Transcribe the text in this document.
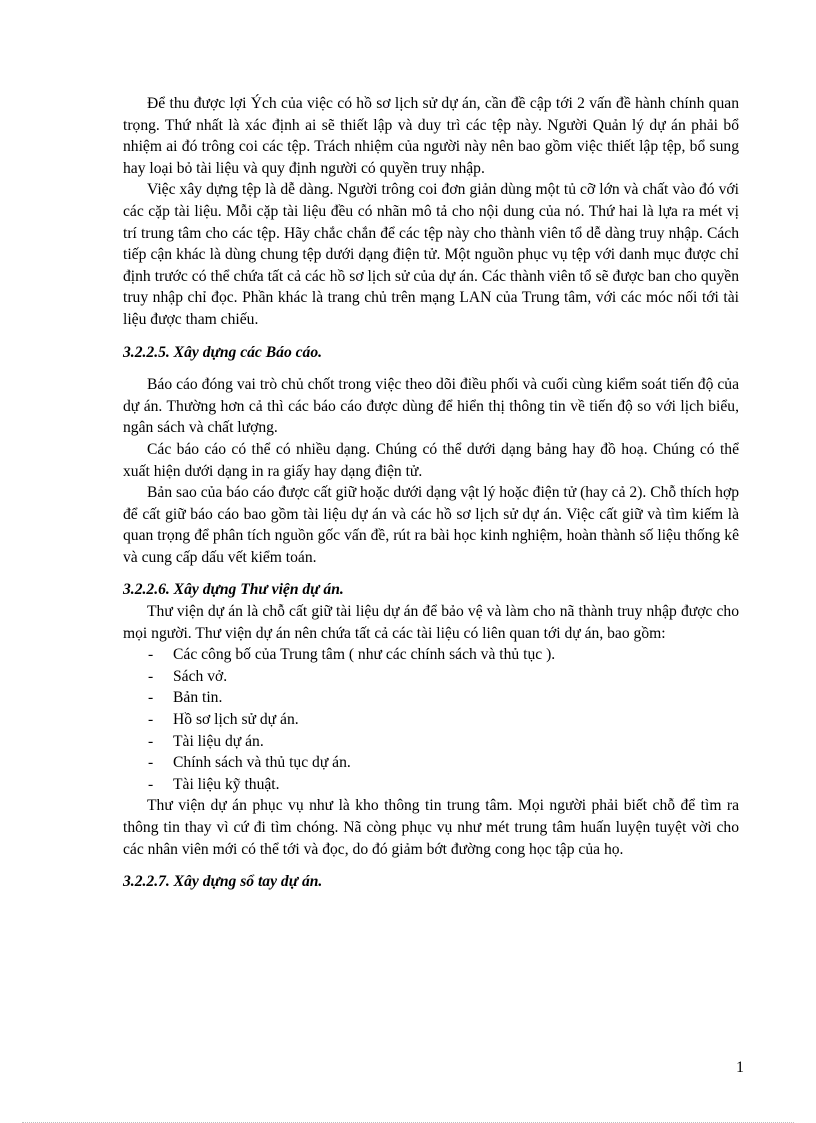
Để thu được lợi Ých của việc có hồ sơ lịch sử dự án, cần đề cập tới 2 vấn đề hành chính quan trọng. Thứ nhất là xác định ai sẽ thiết lập và duy trì các tệp này. Người Quản lý dự án phải bổ nhiệm ai đó trông coi các tệp. Trách nhiệm của người này nên bao gồm việc thiết lập tệp, bổ sung hay loại bỏ tài liệu và quy định người có quyền truy nhập.

Việc xây dựng tệp là dễ dàng. Người trông coi đơn giản dùng một tủ cỡ lớn và chất vào đó với các cặp tài liệu. Mỗi cặp tài liệu đều có nhãn mô tả cho nội dung của nó. Thứ hai là lựa ra mét vị trí trung tâm cho các tệp. Hãy chắc chắn để các tệp này cho thành viên tổ dễ dàng truy nhập. Cách tiếp cận khác là dùng chung tệp dưới dạng điện tử. Một nguồn phục vụ tệp với danh mục được chỉ định trước có thể chứa tất cả các hồ sơ lịch sử của dự án. Các thành viên tổ sẽ được ban cho quyền truy nhập chỉ đọc. Phần khác là trang chủ trên mạng LAN của Trung tâm, với các móc nối tới tài liệu được tham chiếu.

3.2.2.5. Xây dựng các Báo cáo.

Báo cáo đóng vai trò chủ chốt trong việc theo dõi điều phối và cuối cùng kiểm soát tiến độ của dự án. Thường hơn cả thì các báo cáo được dùng để hiển thị thông tin về tiến độ so với lịch biểu, ngân sách và chất lượng.

Các báo cáo có thể có nhiều dạng. Chúng có thể dưới dạng bảng hay đồ hoạ. Chúng có thể xuất hiện dưới dạng in ra giấy hay dạng điện tử.

Bản sao của báo cáo được cất giữ hoặc dưới dạng vật lý hoặc điện tử (hay cả 2). Chỗ thích hợp để cất giữ báo cáo bao gồm tài liệu dự án và các hồ sơ lịch sử dự án. Việc cất giữ và tìm kiếm là quan trọng để phân tích nguồn gốc vấn đề, rút ra bài học kinh nghiệm, hoàn thành số liệu thống kê và cung cấp dấu vết kiểm toán.

3.2.2.6. Xây dựng Thư viện dự án.

Thư viện dự án là chỗ cất giữ tài liệu dự án để bảo vệ và làm cho nã thành truy nhập được cho mọi người. Thư viện dự án nên chứa tất cả các tài liệu có liên quan tới dự án, bao gồm:

- Các công bố của Trung tâm ( như các chính sách và thủ tục ).
- Sách vở.
- Bản tin.
- Hồ sơ lịch sử dự án.
- Tài liệu dự án.
- Chính sách và thủ tục dự án.
- Tài liệu kỹ thuật.

Thư viện dự án phục vụ như là kho thông tin trung tâm. Mọi người phải biết chỗ để tìm ra thông tin thay vì cứ đi tìm chóng. Nã còng phục vụ như mét trung tâm huấn luyện tuyệt vời cho các nhân viên mới có thể tới và đọc, do đó giảm bớt đường cong học tập của họ.

3.2.2.7. Xây dựng sổ tay dự án.

1
